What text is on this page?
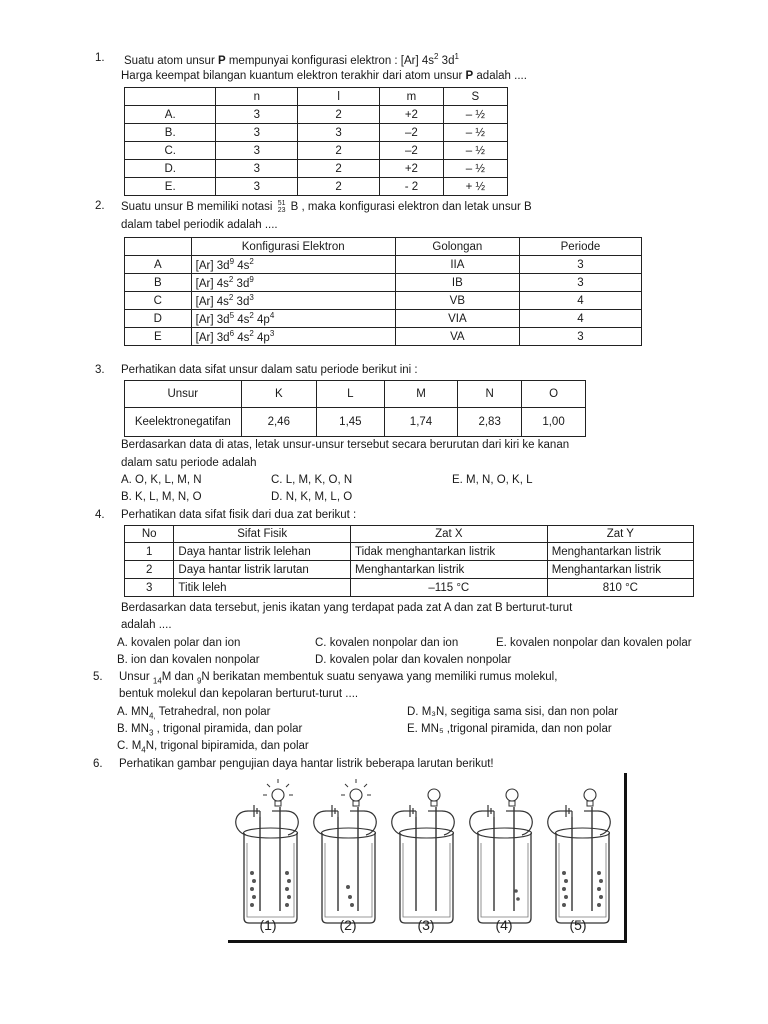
1. Suatu atom unsur P mempunyai konfigurasi elektron : [Ar] $4s^2$ $3d^1$
Harga keempat bilangan kuantum elektron terakhir dari atom unsur P adalah ....
	n	l	m	S
A.	3	2	+2	– ½
B.	3	3	–2	– ½
C.	3	2	–2	– ½
D.	3	2	+2	– ½
E.	3	2	- 2	+ ½
2. Suatu unsur B memiliki notasi 51
23 B , maka konfigurasi elektron dan letak unsur B
dalam tabel periodik adalah ....
	Konfigurasi Elektron	Golongan	Periode
A	[Ar] $3d^9$ $4s^2$	IIA	3
B	[Ar] $4s^2$ $3d^9$	IB	3
C	[Ar] $4s^2$ $3d^3$	VB	4
D	[Ar] $3d^5$ $4s^2$ $4p^4$	VIA	4
E	[Ar] $3d^6$ $4s^2$ $4p^3$	VA	3
3. Perhatikan data sifat unsur dalam satu periode berikut ini :
Unsur	K	L	M	N	O
Keelektronegatifan	2,46	1,45	1,74	2,83	1,00
Berdasarkan data di atas, letak unsur-unsur tersebut secara berurutan dari kiri ke kanan
dalam satu periode adalah
A. O, K, L, M, N
B. K, L, M, N, O
C. L, M, K, O, N
D. N, K, M, L, O
E. M, N, O, K, L
4. Perhatikan data sifat fisik dari dua zat berikut :
No	Sifat Fisik	Zat X	Zat Y
1	Daya hantar listrik lelehan	Tidak menghantarkan listrik	Menghantarkan listrik
2	Daya hantar listrik larutan	Menghantarkan listrik	Menghantarkan listrik
3	Titik leleh	–115 °C	810 °C
Berdasarkan data tersebut, jenis ikatan yang terdapat pada zat A dan zat B berturut-turut
adalah ....
A. kovalen polar dan ion
B. ion dan kovalen nonpolar
C. kovalen nonpolar dan ion
D. kovalen polar dan kovalen nonpolar
E. kovalen nonpolar dan kovalen polar
5. Unsur $_{14}$M dan $_9$N berikatan membentuk suatu senyawa yang memiliki rumus molekul,
bentuk molekul dan kepolaran berturut-turut ....
A. $MN_{4,}$ Tetrahedral, non polar
B. $MN_3$ , trigonal piramida, dan polar
C. $M_4N$, trigonal bipiramida, dan polar
D. M₃N, segitiga sama sisi, dan non polar
E. MN₅ ,trigonal piramida, dan non polar
6. Perhatikan gambar pengujian daya hantar listrik beberapa larutan berikut!
(1)	(2)	(3)	(4)	(5)
